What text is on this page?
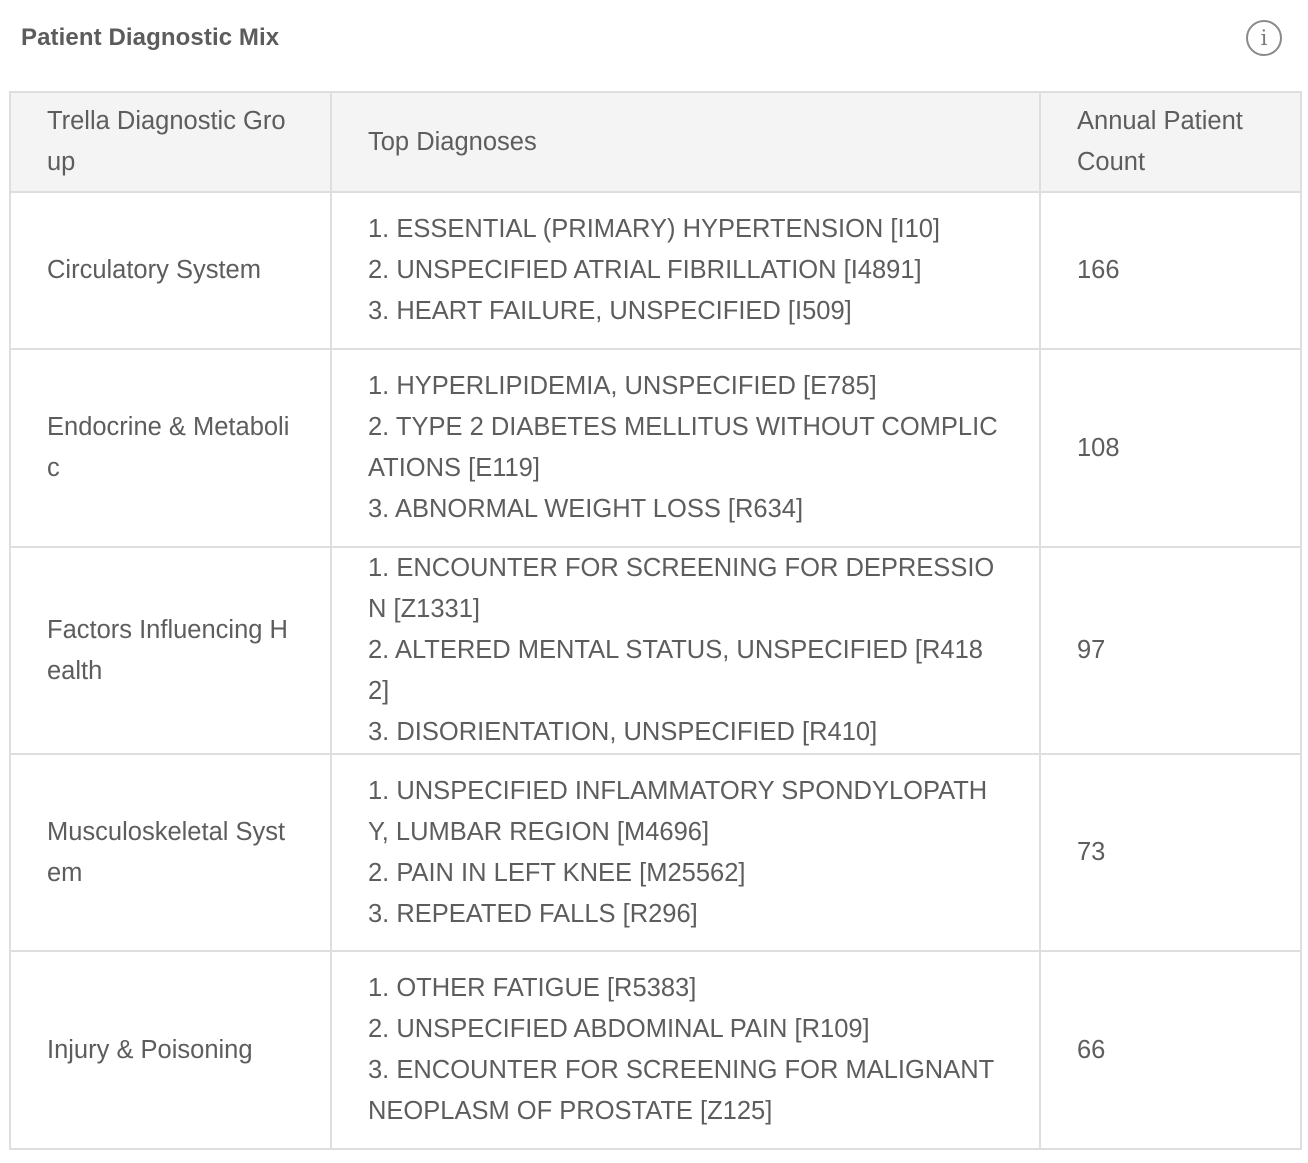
Patient Diagnostic Mix	i
Trella Diagnostic Group	Top Diagnoses	Annual Patient Count
Circulatory System	1. ESSENTIAL (PRIMARY) HYPERTENSION [I10]
2. UNSPECIFIED ATRIAL FIBRILLATION [I4891]
3. HEART FAILURE, UNSPECIFIED [I509]	166
Endocrine & Metabolic	1. HYPERLIPIDEMIA, UNSPECIFIED [E785]
2. TYPE 2 DIABETES MELLITUS WITHOUT COMPLICATIONS [E119]
3. ABNORMAL WEIGHT LOSS [R634]	108
Factors Influencing Health	1. ENCOUNTER FOR SCREENING FOR DEPRESSION [Z1331]
2. ALTERED MENTAL STATUS, UNSPECIFIED [R4182]
3. DISORIENTATION, UNSPECIFIED [R410]	97
Musculoskeletal System	1. UNSPECIFIED INFLAMMATORY SPONDYLOPATHY, LUMBAR REGION [M4696]
2. PAIN IN LEFT KNEE [M25562]
3. REPEATED FALLS [R296]	73
Injury & Poisoning	1. OTHER FATIGUE [R5383]
2. UNSPECIFIED ABDOMINAL PAIN [R109]
3. ENCOUNTER FOR SCREENING FOR MALIGNANT NEOPLASM OF PROSTATE [Z125]	66
